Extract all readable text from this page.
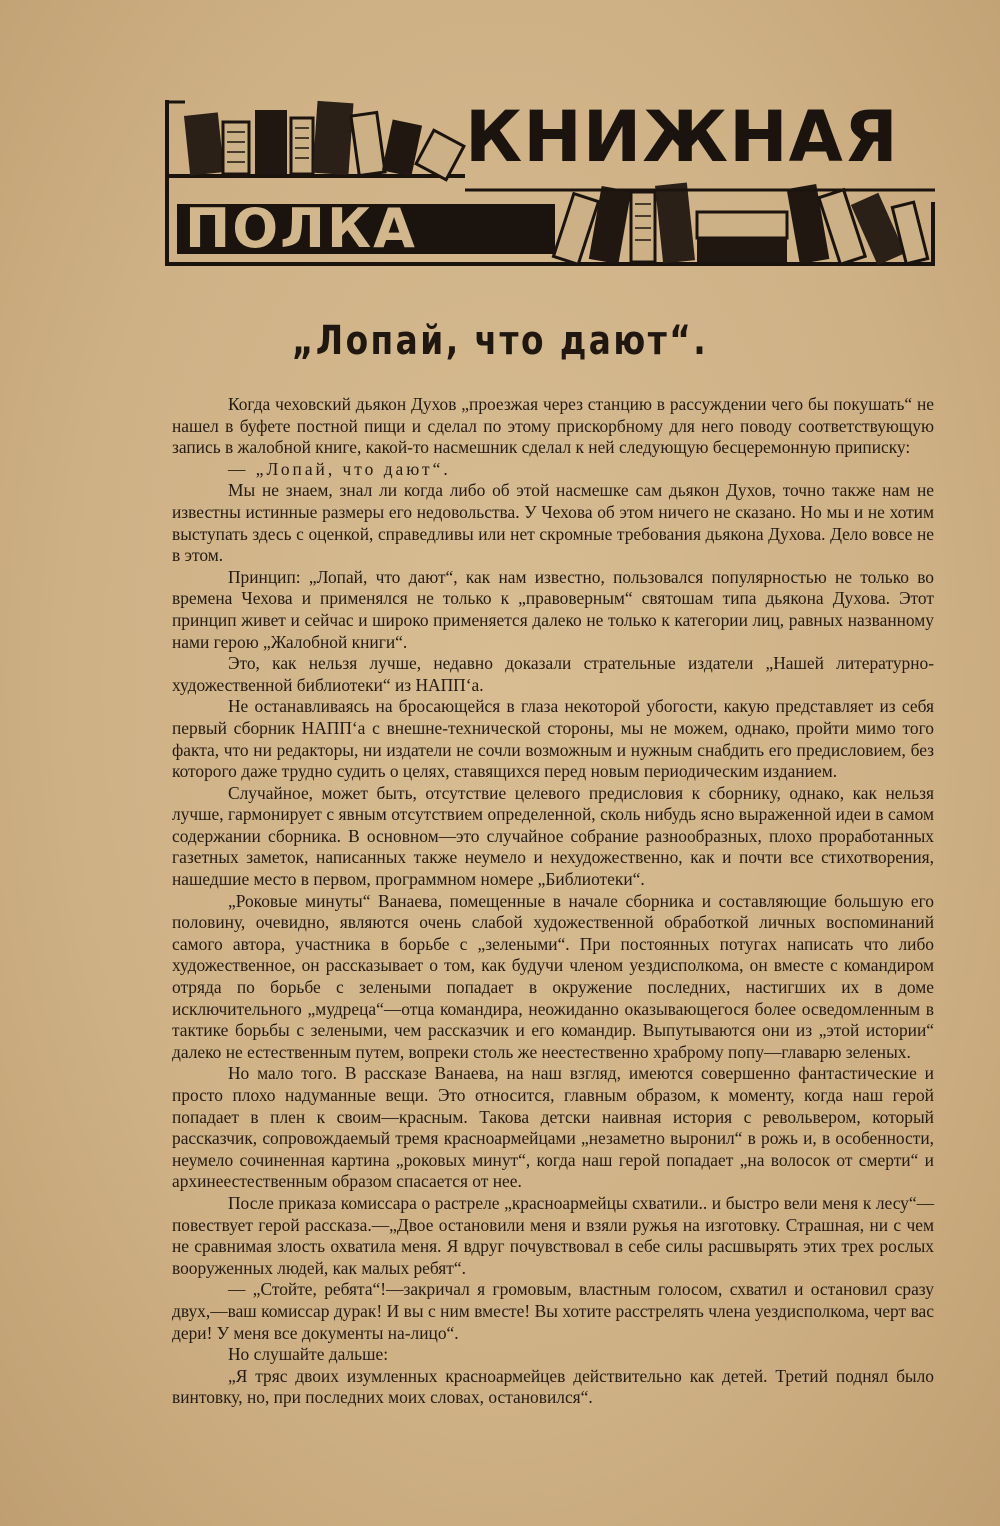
КНИЖНАЯ
ПОЛКА
„Лопай, что дают“.

Когда чеховский дьякон Духов „проезжая через станцию в рассуждении чего бы покушать“ не нашел в буфете постной пищи и сделал по этому прискорбному для него поводу соответствующую запись в жалобной книге, какой-то насмешник сделал к ней следующую бесцеремонную приписку:

— „Лопай, что дают“.

Мы не знаем, знал ли когда либо об этой насмешке сам дьякон Духов, точно также нам не известны истинные размеры его недовольства. У Чехова об этом ничего не сказано. Но мы и не хотим выступать здесь с оценкой, справедливы или нет скромные требования дьякона Духова. Дело вовсе не в этом.

Принцип: „Лопай, что дают“, как нам известно, пользовался популярностью не только во времена Чехова и применялся не только к „правоверным“ святошам типа дьякона Духова. Этот принцип живет и сейчас и широко применяется далеко не только к категории лиц, равных названному нами герою „Жалобной книги“.

Это, как нельзя лучше, недавно доказали стрательные издатели „Нашей литературно-художественной библиотеки“ из НАПП‘а.

Не останавливаясь на бросающейся в глаза некоторой убогости, какую представляет из себя первый сборник НАПП‘а с внешне-технической стороны, мы не можем, однако, пройти мимо того факта, что ни редакторы, ни издатели не сочли возможным и нужным снабдить его предисловием, без которого даже трудно судить о целях, ставящихся перед новым периодическим изданием.

Случайное, может быть, отсутствие целевого предисловия к сборнику, однако, как нельзя лучше, гармонирует с явным отсутствием определенной, сколь нибудь ясно выраженной идеи в самом содержании сборника. В основном—это случайное собрание разнообразных, плохо проработанных газетных заметок, написанных также неумело и нехудожественно, как и почти все стихотворения, нашедшие место в первом, программном номере „Библиотеки“.

„Роковые минуты“ Ванаева, помещенные в начале сборника и составляющие большую его половину, очевидно, являются очень слабой художественной обработкой личных воспоминаний самого автора, участника в борьбе с „зелеными“. При постоянных потугах написать что либо художественное, он рассказывает о том, как будучи членом уездисполкома, он вместе с командиром отряда по борьбе с зелеными попадает в окружение последних, настигших их в доме исключительного „мудреца“—отца командира, неожиданно оказывающегося более осведомленным в тактике борьбы с зелеными, чем рассказчик и его командир. Выпутываются они из „этой истории“ далеко не естественным путем, вопреки столь же неестественно храброму попу—главарю зеленых.

Но мало того. В рассказе Ванаева, на наш взгляд, имеются совершенно фантастические и просто плохо надуманные вещи. Это относится, главным образом, к моменту, когда наш герой попадает в плен к своим—красным. Такова детски наивная история с револьвером, который рассказчик, сопровождаемый тремя красноармейцами „незаметно выронил“ в рожь и, в особенности, неумело сочиненная картина „роковых минут“, когда наш герой попадает „на волосок от смерти“ и архинеестественным образом спасается от нее.

После приказа комиссара о растреле „красноармейцы схватили.. и быстро вели меня к лесу“—повествует герой рассказа.—„Двое остановили меня и взяли ружья на изготовку. Страшная, ни с чем не сравнимая злость охватила меня. Я вдруг почувствовал в себе силы расшвырять этих трех рослых вооруженных людей, как малых ребят“.

— „Стойте, ребята“!—закричал я громовым, властным голосом, схватил и остановил сразу двух,—ваш комиссар дурак! И вы с ним вместе! Вы хотите расстрелять члена уездисполкома, черт вас дери! У меня все документы на-лицо“.

Но слушайте дальше:

„Я тряс двоих изумленных красноармейцев действительно как детей. Третий поднял было винтовку, но, при последних моих словах, остановился“.
